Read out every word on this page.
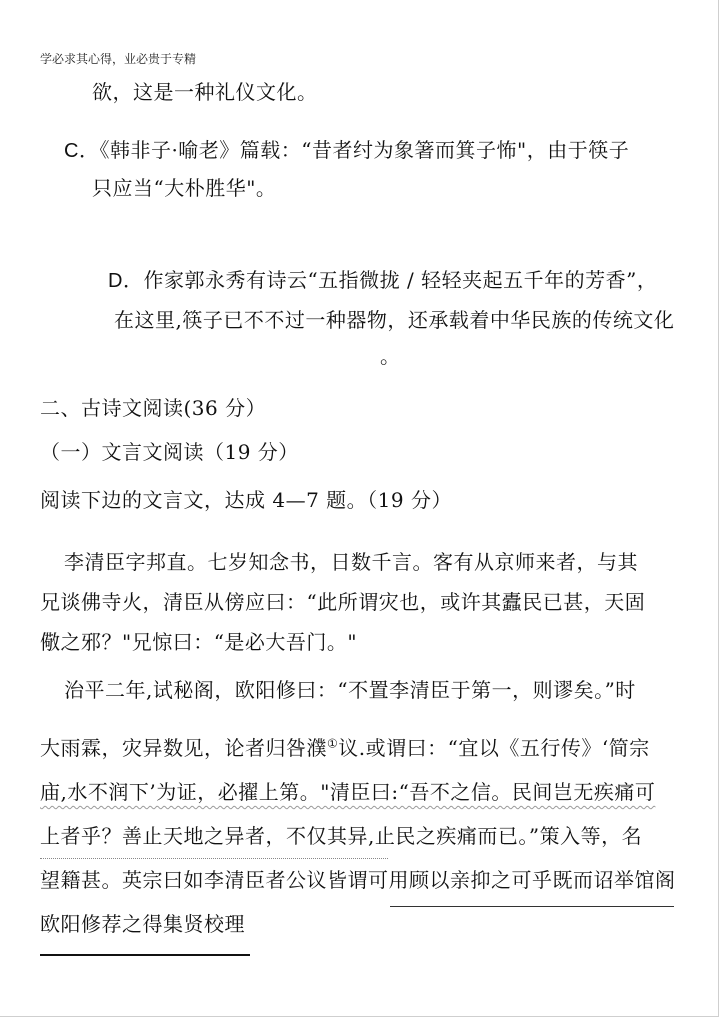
学必求其心得，业必贵于专精
欲，这是一种礼仪文化。
C．《韩非子·喻老》篇载：“昔者纣为象箸而箕子怖"，由于筷子
只应当“大朴胜华"。
D．作家郭永秀有诗云“五指微拢 / 轻轻夹起五千年的芳香”，
在这里,筷子已不不过一种器物，还承载着中华民族的传统文化
。
二、古诗文阅读(36 分）
（一）文言文阅读（19 分）
阅读下边的文言文，达成 4—7 题。（19 分）
李清臣字邦直。七岁知念书，日数千言。客有从京师来者，与其
兄谈佛寺火，清臣从傍应曰：“此所谓灾也，或许其蠹民已甚，天固
儆之邪？"兄惊曰：“是必大吾门。"
治平二年,试秘阁，欧阳修曰：“不置李清臣于第一，则谬矣。”时
大雨霖，灾异数见，论者归咎濮①议.或谓曰：“宜以《五行传》‘简宗
庙,水不润下’为证，必擢上第。"清臣曰:“吾不之信。民间岂无疾痛可
上者乎？善止天地之异者，不仅其异,止民之疾痛而已。”策入等，名
望籍甚。英宗曰如李清臣者公议皆谓可用顾以亲抑之可乎既而诏举馆阁
欧阳修荐之得集贤校理
